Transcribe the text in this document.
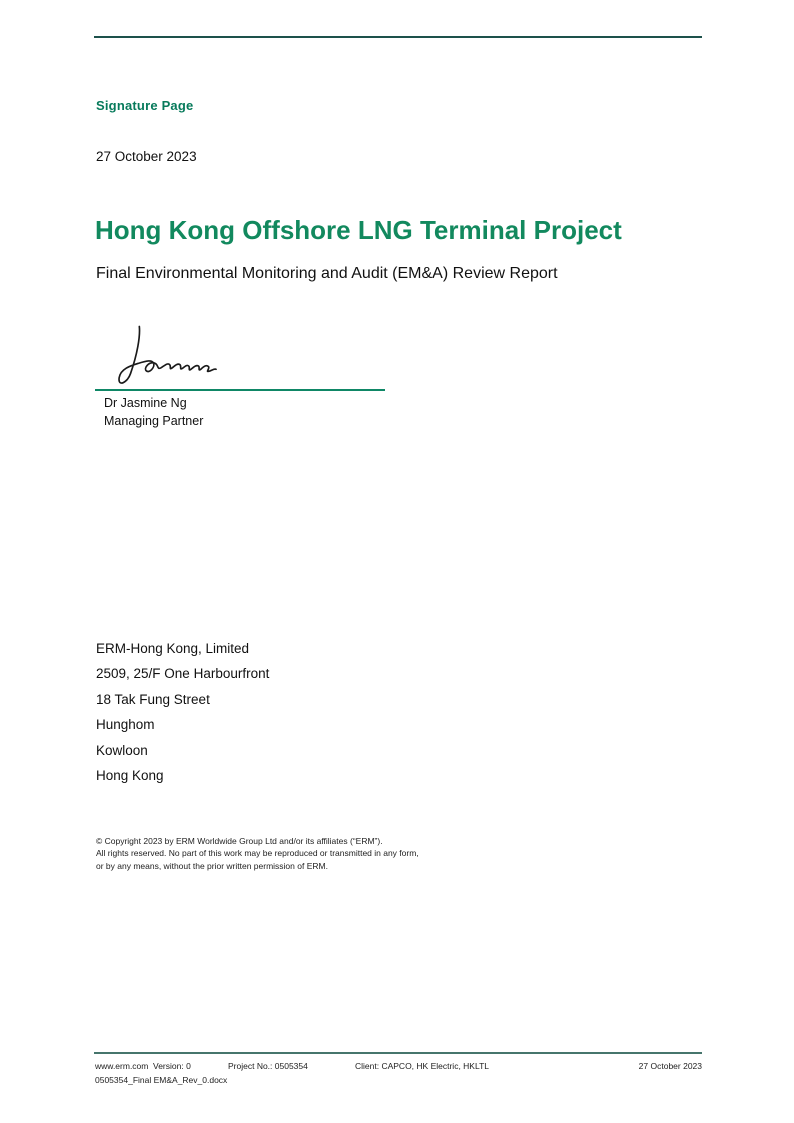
Signature Page
27 October 2023
Hong Kong Offshore LNG Terminal Project
Final Environmental Monitoring and Audit (EM&A) Review Report
Dr Jasmine Ng
Managing Partner
ERM-Hong Kong, Limited
2509, 25/F One Harbourfront
18 Tak Fung Street
Hunghom
Kowloon
Hong Kong
© Copyright 2023 by ERM Worldwide Group Ltd and/or its affiliates (“ERM”).
All rights reserved. No part of this work may be reproduced or transmitted in any form,
or by any means, without the prior written permission of ERM.
www.erm.com Version: 0	Project No.: 0505354	Client: CAPCO, HK Electric, HKLTL	27 October 2023
0505354_Final EM&A_Rev_0.docx
